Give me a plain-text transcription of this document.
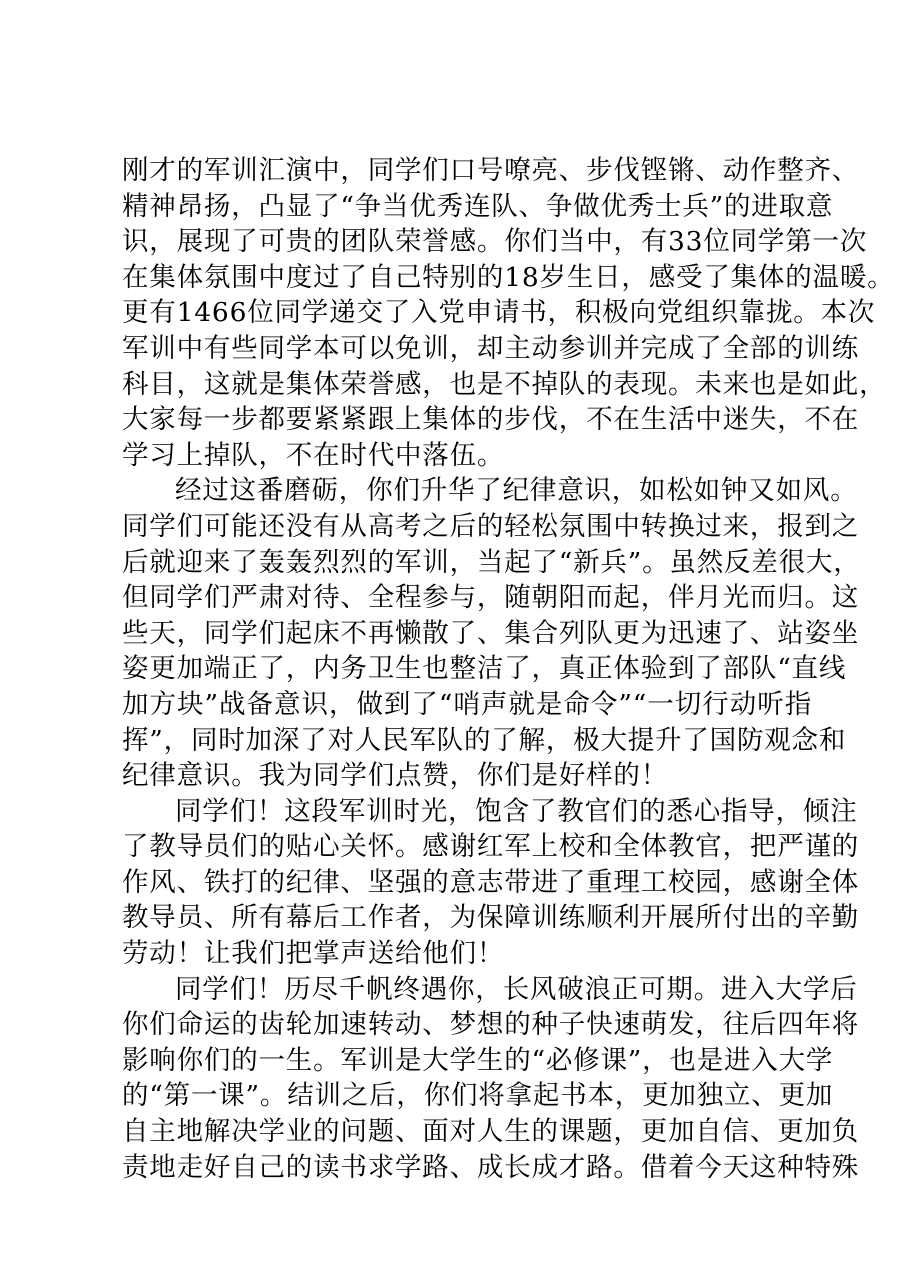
刚才的军训汇演中，同学们口号嘹亮、步伐铿锵、动作整齐、
精神昂扬，凸显了“争当优秀连队、争做优秀士兵”的进取意
识，展现了可贵的团队荣誉感。你们当中，有33位同学第一次
在集体氛围中度过了自己特别的18岁生日，感受了集体的温暖。
更有1466位同学递交了入党申请书，积极向党组织靠拢。本次
军训中有些同学本可以免训，却主动参训并完成了全部的训练
科目，这就是集体荣誉感，也是不掉队的表现。未来也是如此，
大家每一步都要紧紧跟上集体的步伐，不在生活中迷失，不在
学习上掉队，不在时代中落伍。
经过这番磨砺，你们升华了纪律意识，如松如钟又如风。
同学们可能还没有从高考之后的轻松氛围中转换过来，报到之
后就迎来了轰轰烈烈的军训，当起了“新兵”。虽然反差很大，
但同学们严肃对待、全程参与，随朝阳而起，伴月光而归。这
些天，同学们起床不再懒散了、集合列队更为迅速了、站姿坐
姿更加端正了，内务卫生也整洁了，真正体验到了部队“直线
加方块”战备意识，做到了“哨声就是命令”“一切行动听指
挥”，同时加深了对人民军队的了解，极大提升了国防观念和
纪律意识。我为同学们点赞，你们是好样的！
同学们！这段军训时光，饱含了教官们的悉心指导，倾注
了教导员们的贴心关怀。感谢红军上校和全体教官，把严谨的
作风、铁打的纪律、坚强的意志带进了重理工校园，感谢全体
教导员、所有幕后工作者，为保障训练顺利开展所付出的辛勤
劳动！让我们把掌声送给他们！
同学们！历尽千帆终遇你，长风破浪正可期。进入大学后
你们命运的齿轮加速转动、梦想的种子快速萌发，往后四年将
影响你们的一生。军训是大学生的“必修课”，也是进入大学
的“第一课”。结训之后，你们将拿起书本，更加独立、更加
自主地解决学业的问题、面对人生的课题，更加自信、更加负
责地走好自己的读书求学路、成长成才路。借着今天这种特殊
